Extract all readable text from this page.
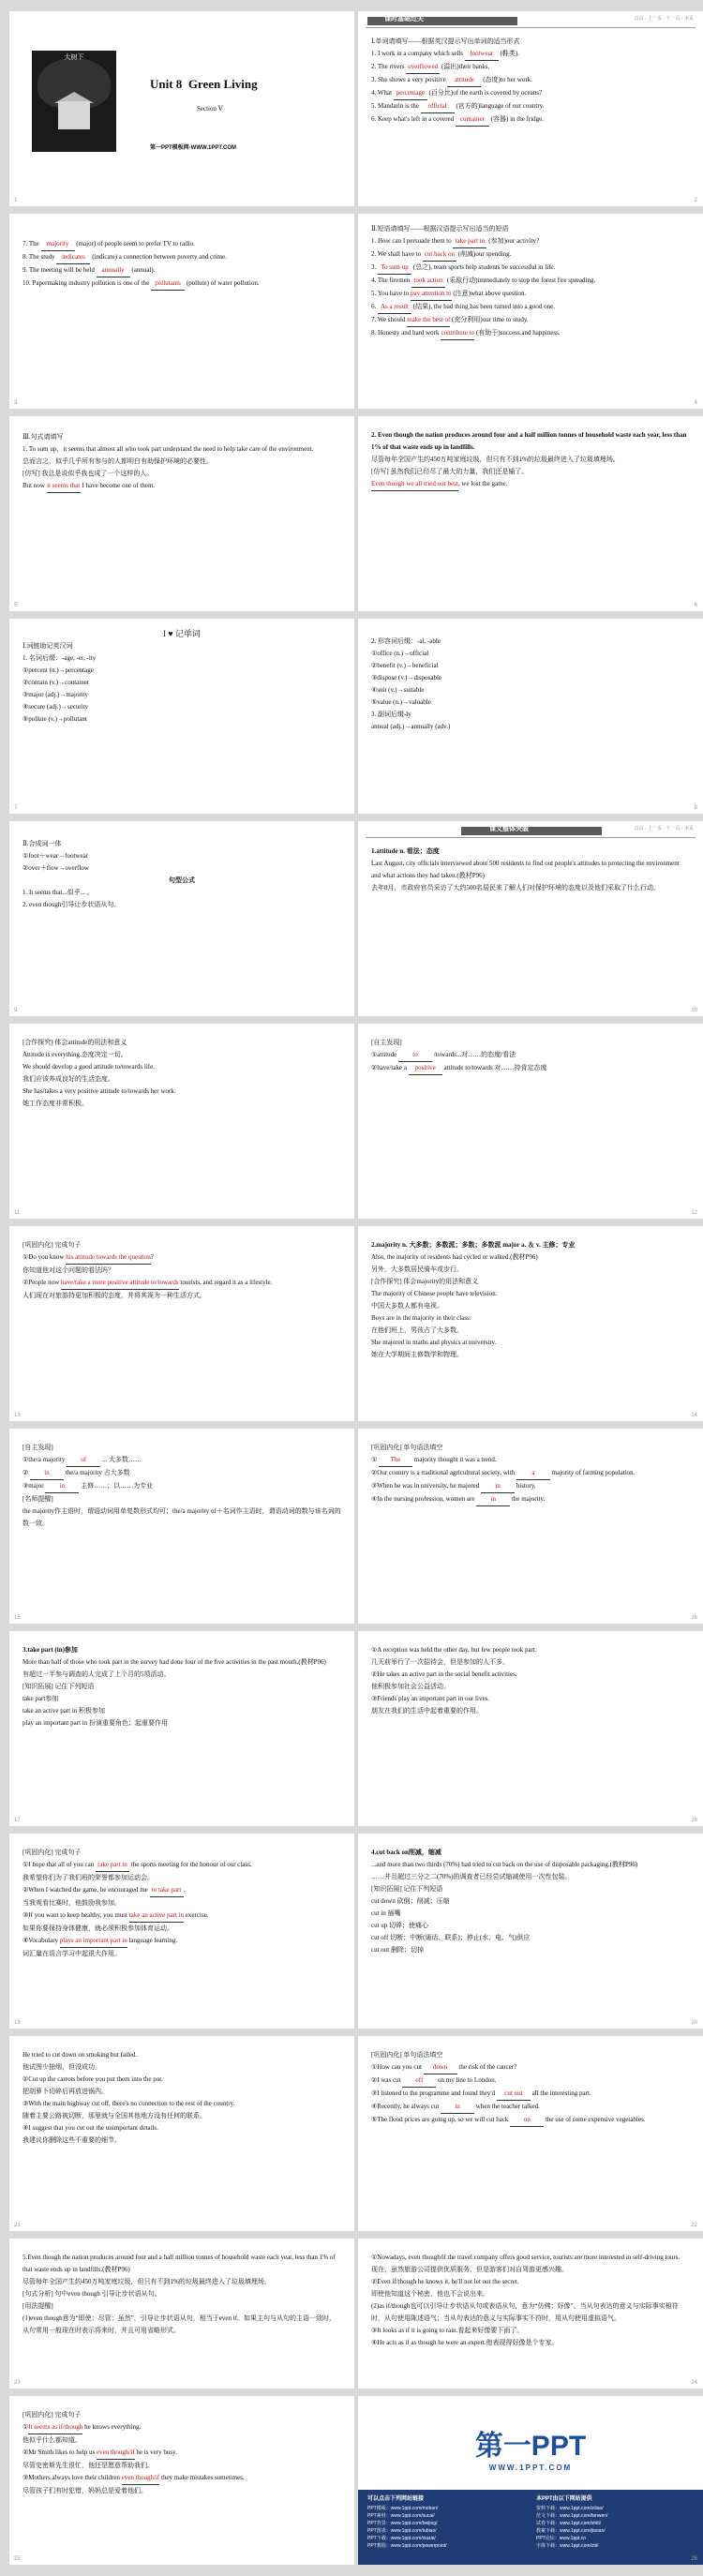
大树下
Unit 8 Green Living
Section Ⅴ
第一PPT模板网-WWW.1PPT.COM
1
课时基础过关	首页 · 上一页 · 下一页 · 末页
Ⅰ.单词请填写——根据英汉提示写出单词的适当形式
1. I work in a company which sells footwear (鞋类).
2. The rivers overflowed (溢出)their banks.
3. She shows a very positive attitude (态度)to her work.
4. What percentage (百分比)of the earth is covered by oceans?
5. Mandarin is the official (官方的)language of our country.
6. Keep what's left in a covered container (容器) in the fridge.
2
7. The majority (major) of people seem to prefer TV to radio.
8. The study indicates (indicate) a connection between poverty and crime.
9. The meeting will be held annually (annual).
10. Papermaking industry pollution is one of the pollutants (pollute) of water pollution.
3
Ⅱ.短语请填写——根据汉语提示写出适当的短语
1. How can I persuade them to take part in (参加)our activity?
2. We shall have to cut back on (削减)our spending.
3. To sum up (总之), team sports help students be successful in life.
4. The firemen took action (采取行动)immediately to stop the forest fire spreading.
5. You have to pay attention to (注意)what above question.
6. As a result (结果), the bad thing has been turned into a good one.
7. We should make the best of (充分利用)our time to study.
8. Honesty and hard work contribute to (有助于)success and happiness.
4
Ⅲ.句式请填写
1. To sum up，it seems that almost all who took part understand the need to help take care of the environment.
总而言之，似乎几乎所有参与的人都明白有助保护环境的必要性。
[仿写] 我总是说似乎我也成了一个这样的人。
But now it seems that I have become one of them.
5
2. Even though the nation produces around four and a half million tonnes of household waste each year, less than 1% of that waste ends up in landfills.
尽管每年全国产生约450万吨家庭垃圾，但只有不到1%的垃圾最终进入了垃圾填埋场。
[仿写] 虽然我们已经尽了最大的力量，我们还是输了。
Even though we all tried our best, we lost the game.
6
I ♥ 记单词
Ⅰ.词链助记英汉词
1. 名词后缀：-age, -er, -ity
①percent (n.)→percentage
②contain (v.)→container
③major (adj.)→majority
④secure (adj.)→security
⑤pollute (v.)→pollutant
7
2. 形容词后缀：-al, -able
①office (n.)→official
②benefit (v.)→beneficial
③dispose (v.)→disposable
④suit (v.)→suitable
⑤value (n.)→valuable
3. 副词后缀-ly
annual (adj.)→annually (adv.)
8
Ⅱ.合成词一体
①foot＋wear→footwear
②over＋flow→overflow
句型公式
1. It seems that...似乎... 。
2. even though引导让步状语从句。
9
课文整体突破	首页 · 上一页 · 下一页 · 末页
1.attitude n. 看法；态度
Last August, city officials interviewed about 500 residents to find out people's attitudes to protecting the environment and what actions they had taken.(教材P96)
去年8月，市政府官员采访了大约500名居民来了解人们对保护环境的态度以及他们采取了什么行动。
10
[合作探究] 体会attitude的用法和意义
Attitude is everything.态度决定一切。
We should develop a good attitude to/towards life.
我们应该养成良好的生活态度。
She has/takes a very positive attitude to/towards her work.
她工作态度非常积极。
11
[自主发现]
①attitude to /towards...对……的态度/看法
②have/take a positive attitude to/towards 对……持肯定态度
12
[巩固内化] 完成句子
①Do you know his attitude towards the question?
你知道他对这个问题的看法吗？
②People now have/take a more positive attitude to/towards tourists, and regard it as a lifestyle.
人们现在对旅游持更加积极的态度，并将其视为一种生活方式。
13
2.majority n. 大多数；多数派；多数；多数派 major a. ＆ v. 主修；专业
Also, the majority of residents had cycled or walked.(教材P96)
另外，大多数居民骑车或步行。
[合作探究] 体会majority的用法和意义
The majority of Chinese people have television.
中国大多数人都有电视。
Boys are in the majority in their class.
在他们班上，男孩占了大多数。
She majored in maths and physics at university.
她在大学期间主修数学和物理。
14
[自主发现]
①the/a majority of ... 大多数……
② in the/a majority 占大多数
③major in 主修……；以……为专业
[名师提醒]
the majority作主语时，谓语动词用单复数形式均可；the/a majority of＋名词作主语时，谓语动词的数与该名词的数一致。
15
[巩固内化] 单句语法填空
① The majority thought it was a trend.
②Our country is a traditional agricultural society, with	a	majority of farming population.
③When he was in university, he majored in history.
④In the nursing profession, women are in the majority.
16
3.take part (in)参加
More than half of those who took part in the survey had done four of the five activities in the past month.(教材P96)
有超过一半参与调查的人完成了上个月的5项活动。
[知识拓展] 记住下列短语
take part参加
take an active part in 积极参加
play an important part in 扮演重要角色；起重要作用
17
①A reception was held the other day, but few people took part.
几天前举行了一次招待会，但是参加的人不多。
②He takes an active part in the social benefit activities.
他积极参加社会公益活动。
③Friends play an important part in our lives.
朋友在我们的生活中起着重要的作用。
18
[巩固内化] 完成句子
①I hope that all of you can take part in the sports meeting for the honour of our class.
我希望你们为了我们班的荣誉都参加运动会。
②When I watched the game, he encouraged me to take part .
当我观看比赛时，他鼓励我参加。
③If you want to keep healthy, you must take an active part in exercise.
如果你要保持身体健康，就必须积极参加体育运动。
④Vocabulary plays an important part in language learning.
词汇量在语言学习中起很大作用。
19
4.cut back on削减，缩减
...and more than two thirds (70%) had tried to cut back on the use of disposable packaging.(教材P96)
……并且超过三分之二(70%)的调查者已经尝试缩减使用一次性包装。
[知识拓展] 记住下列短语
cut down 砍倒；削减；压缩
cut in 插嘴
cut up 切碎；使痛心
cut off 切断；中断(通话、联系)；停止(水、电、气)供应
cut out 删除；切掉
20
He tried to cut down on smoking but failed.
他试图少抽烟，但没成功。
②Cut up the carrots before you put them into the pot.
把胡萝卜切碎后再放进锅内。
③With the main highway cut off, there's no connection to the rest of the country.
随着主要公路被切断，那里就与全国其他地方没有任何的联系。
④I suggest that you cut out the unimportant details.
我建议你删除这些不重要的细节。
21
[巩固内化] 单句语法填空
①How can you cut down the risk of the cancer?
②I was cut off on my line to London.
③I listened to the programme and found they'd cut out all the interesting part.
④Recently, he always cut in when the teacher talked.
⑤The flood prices are going up, so we will cut back on the use of some expensive vegetables.
22
5.Even though the nation produces around four and a half million tonnes of household waste each year, less than 1% of that waste ends up in landfills.(教材P96)
尽管每年全国产生约450万吨家庭垃圾，但只有不到1%的垃圾最终进入了垃圾填埋场。
[句式分析] 句中even though 引导让步状语从句。
[用法提醒]
(1)even though意为“即使；尽管；虽然”，引导让步状语从句，相当于even if。如果主句与从句的主语一致时，从句常用一般现在时表示将来时，并且可用省略形式。
23
①Nowadays, even though/if the travel company offers good service, tourists are more interested in self-driving tours.
现在，虽然旅游公司提供优质服务，但是游客们对自驾游更感兴趣。
②Even if/though he knows it, he'll not let out the secret.
即使他知道这个秘密，他也不会说出来。
(2)as if/though也可以引导让步状语从句或表语从句，意为“仿佛；好像”。当从句表达的意义与实际事实相符时，从句使用陈述语气；当从句表达的意义与实际事实不符时，用从句使用虚拟语气。
③It looks as if it is going to rain.看起来好像要下雨了。
④He acts as if as though he were an expert.他表现得好像是个专家。
24
[巩固内化] 完成句子
①It seems as if/though he knows everything.
他似乎什么都知道。
②Mr Smith likes to help us even though/if he is very busy.
尽管史密斯先生很忙，他还是愿意帮助我们。
③Mothers always love their children even though/if they make mistakes sometimes.
尽管孩子们有时犯错，妈妈总是爱着他们。
25
第一PPT
WWW.1PPT.COM
可以点击下列网站链接	本PPT由以下网站提供
PPT模板：www.1ppt.com/moban/
PPT素材：www.1ppt.com/sucai/
PPT背景：www.1ppt.com/beijing/
PPT图表：www.1ppt.com/tubiao/
PPT下载：www.1ppt.com/xiazai/
PPT教程：www.1ppt.com/powerpoint/
资料下载：www.1ppt.com/ziliao/
范文下载：www.1ppt.com/fanwen/
试卷下载：www.1ppt.com/shiti/
教案下载：www.1ppt.com/jiaoan/
PPT论坛：www.1ppt.cn
字体下载：www.1ppt.com/ziti/
26
